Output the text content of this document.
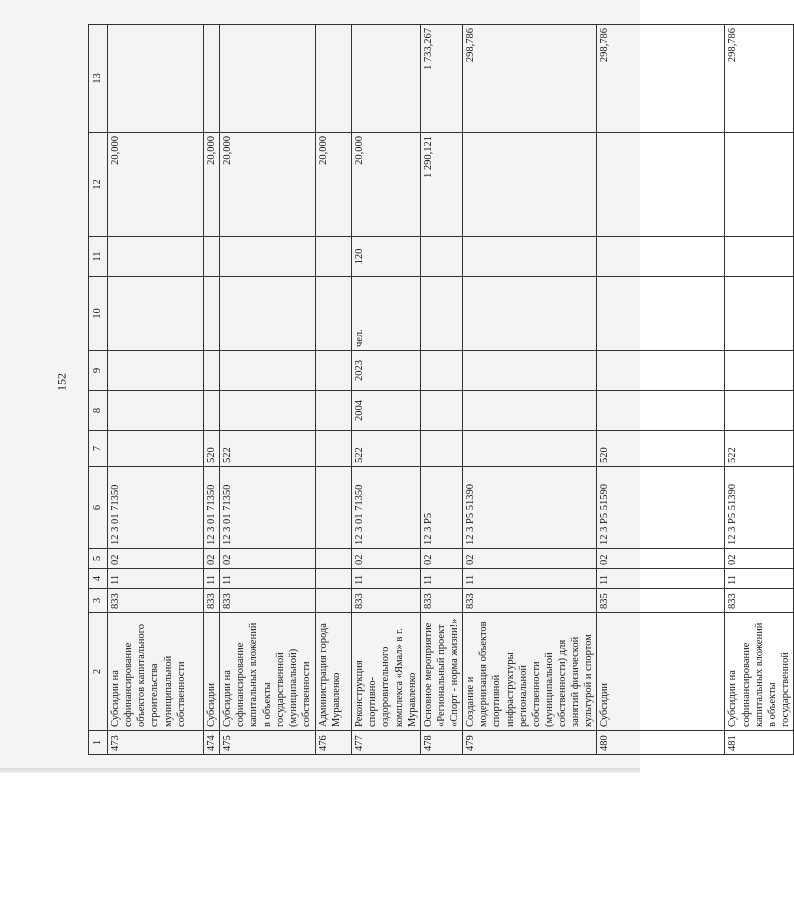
152
1	2	3	4	5	6	7	8	9	10	11	12	13
473	Субсидии на софинансирование объектов капитального строительства муниципальной собственности	833	11	02	12 3 01 71350						20,000	
474	Субсидии	833	11	02	12 3 01 71350	520					20,000	
475	Субсидии на софинансирование капитальных вложений в объекты государственной (муниципальной) собственности	833	11	02	12 3 01 71350	522					20,000	
476	Администрация города Муравленко										20,000	
477	Реконструкция спортивно-оздоровительного комплекса «Ямал» в г. Муравленко	833	11	02	12 3 01 71350	522	2004	2023	чел.	120	20,000	
478	Основное мероприятие «Региональный проект «Спорт - норма жизни!»	833	11	02	12 3 P5						1 290,121	1 733,267
479	Создание и модернизация объектов спортивной инфраструктуры региональной собственности (муниципальной собственности) для занятий физической культурой и спортом	833	11	02	12 3 P5 51390							298,786
480	Субсидии	835	11	02	12 3 P5 51590	520						298,786
481	Субсидии на софинансирование капитальных вложений в объекты государственной	833	11	02	12 3 P5 51390	522						298,786
